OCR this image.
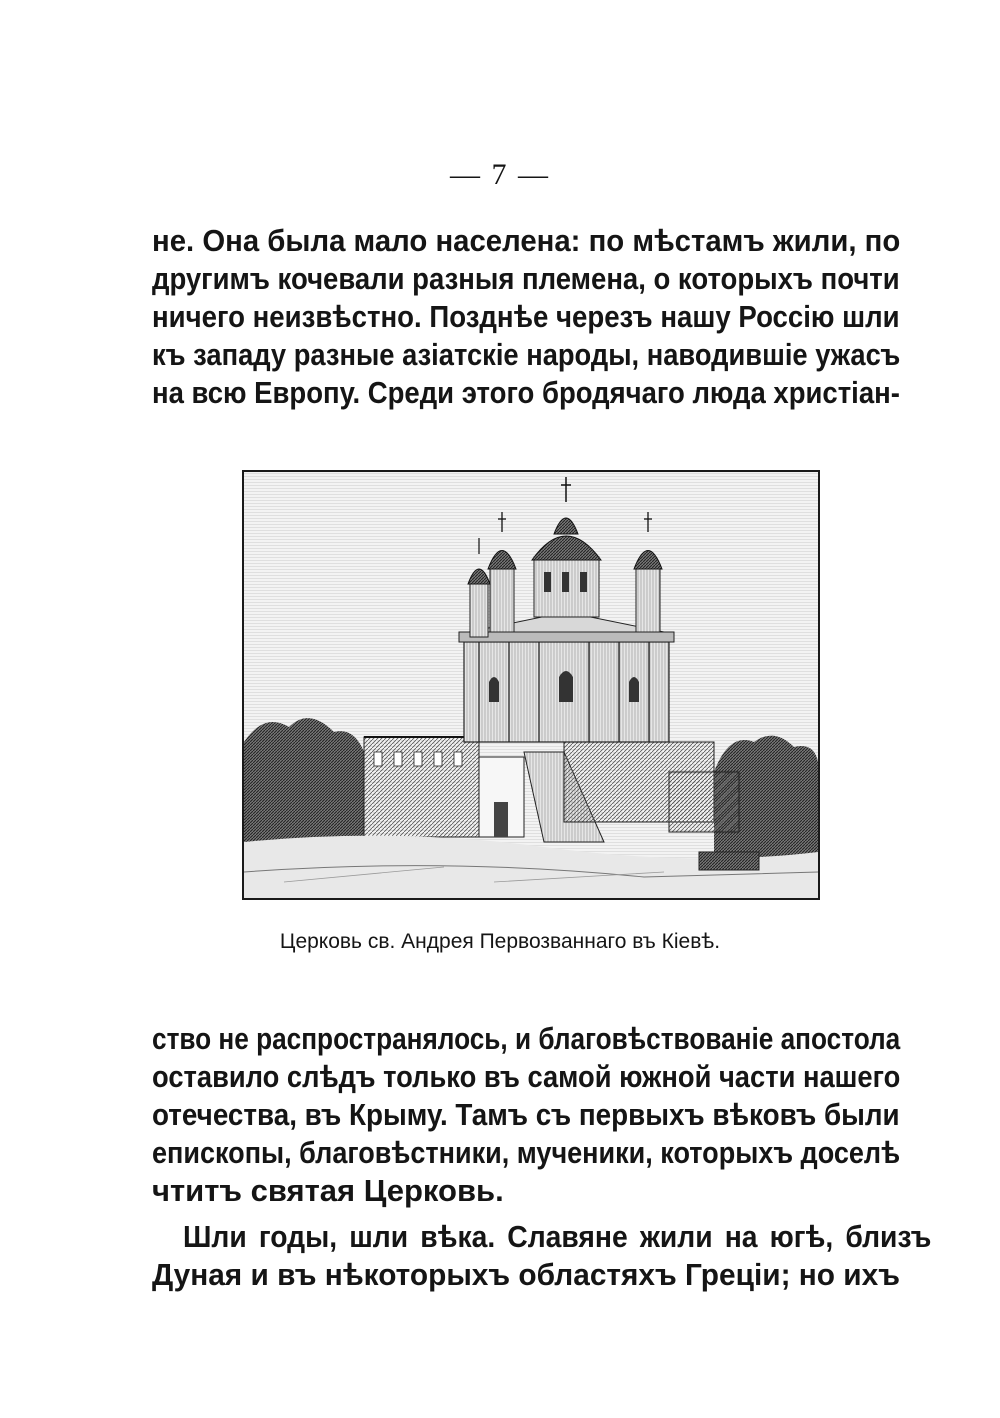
— 7 —
не. Она была мало населена: по мѣстамъ жили, по
другимъ кочевали разныя племена, о которыхъ почти
ничего неизвѣстно. Позднѣе черезъ нашу Россію шли
къ западу разные азіатскіе народы, наводившіе ужасъ
на всю Европу. Среди этого бродячаго люда христіан-
Церковь св. Андрея Первозваннаго въ Кіевѣ.
ство не распространялось, и благовѣствованіе апостола
оставило слѣдъ только въ самой южной части нашего
отечества, въ Крыму. Тамъ съ первыхъ вѣковъ были
епископы, благовѣстники, мученики, которыхъ доселѣ
чтитъ святая Церковь.
Шли годы, шли вѣка. Славяне жили на югѣ, близъ
Дуная и въ нѣкоторыхъ областяхъ Греціи; но ихъ
